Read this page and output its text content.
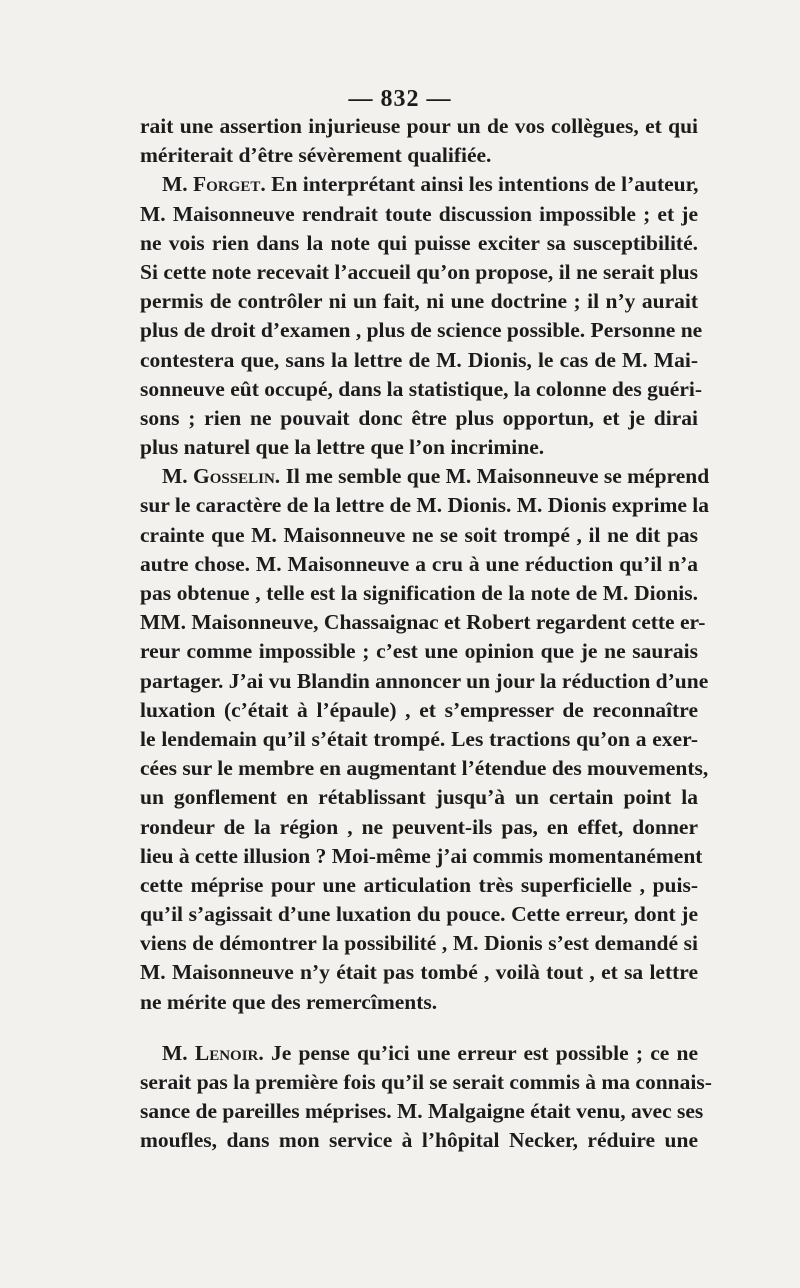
— 832 —
rait une assertion injurieuse pour un de vos collègues, et qui
mériterait d’être sévèrement qualifiée.
M. Forget. En interprétant ainsi les intentions de l’auteur,
M. Maisonneuve rendrait toute discussion impossible ; et je
ne vois rien dans la note qui puisse exciter sa susceptibilité.
Si cette note recevait l’accueil qu’on propose, il ne serait plus
permis de contrôler ni un fait, ni une doctrine ; il n’y aurait
plus de droit d’examen , plus de science possible. Personne ne
contestera que, sans la lettre de M. Dionis, le cas de M. Mai-
sonneuve eût occupé, dans la statistique, la colonne des guéri-
sons ; rien ne pouvait donc être plus opportun, et je dirai
plus naturel que la lettre que l’on incrimine.
M. Gosselin. Il me semble que M. Maisonneuve se méprend
sur le caractère de la lettre de M. Dionis. M. Dionis exprime la
crainte que M. Maisonneuve ne se soit trompé , il ne dit pas
autre chose. M. Maisonneuve a cru à une réduction qu’il n’a
pas obtenue , telle est la signification de la note de M. Dionis.
MM. Maisonneuve, Chassaignac et Robert regardent cette er-
reur comme impossible ; c’est une opinion que je ne saurais
partager. J’ai vu Blandin annoncer un jour la réduction d’une
luxation (c’était à l’épaule) , et s’empresser de reconnaître
le lendemain qu’il s’était trompé. Les tractions qu’on a exer-
cées sur le membre en augmentant l’étendue des mouvements,
un gonflement en rétablissant jusqu’à un certain point la
rondeur de la région , ne peuvent-ils pas, en effet, donner
lieu à cette illusion ? Moi-même j’ai commis momentanément
cette méprise pour une articulation très superficielle , puis-
qu’il s’agissait d’une luxation du pouce. Cette erreur, dont je
viens de démontrer la possibilité , M. Dionis s’est demandé si
M. Maisonneuve n’y était pas tombé , voilà tout , et sa lettre
ne mérite que des remercîments.
M. Lenoir. Je pense qu’ici une erreur est possible ; ce ne
serait pas la première fois qu’il se serait commis à ma connais-
sance de pareilles méprises. M. Malgaigne était venu, avec ses
moufles, dans mon service à l’hôpital Necker, réduire une
